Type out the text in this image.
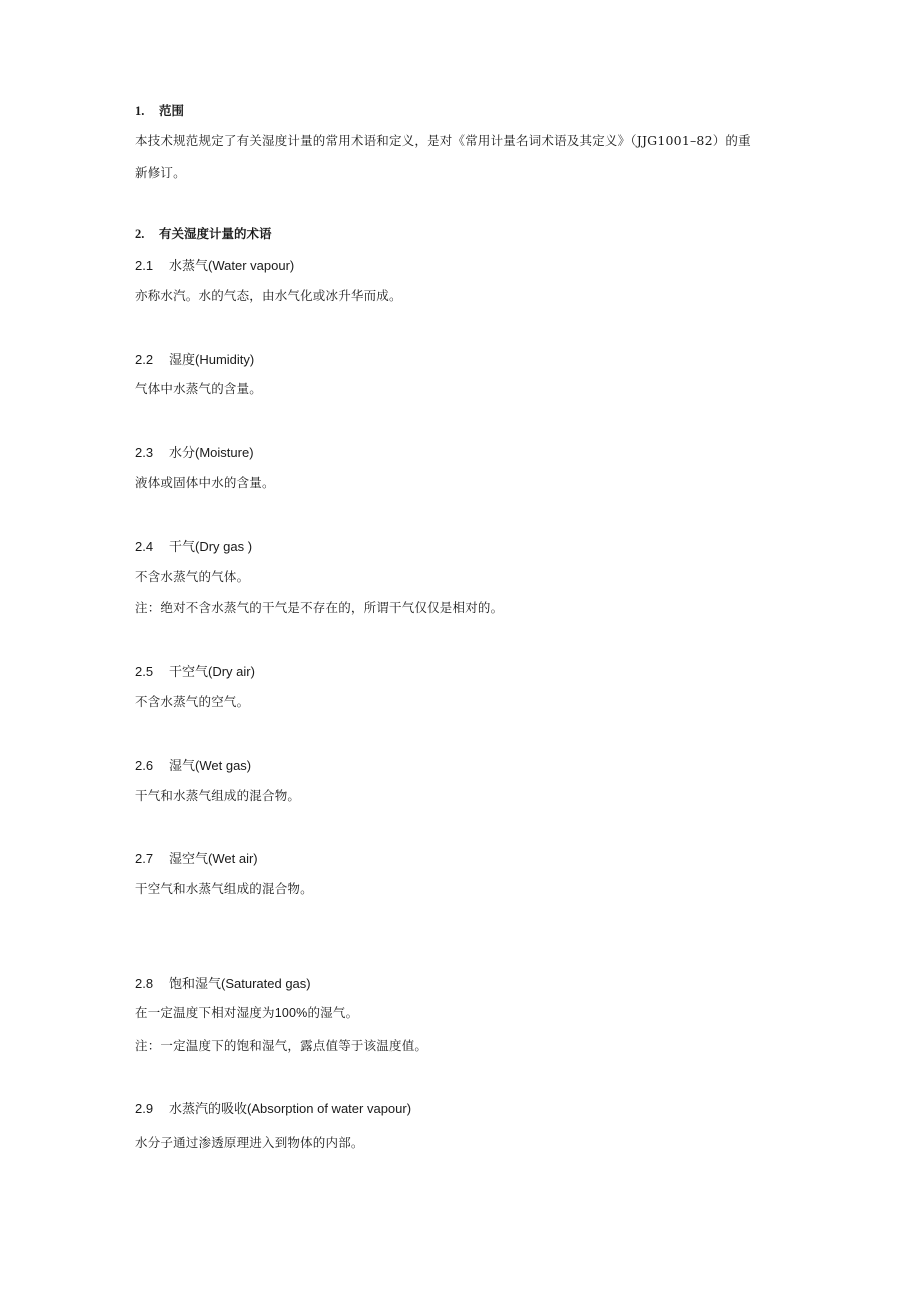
1. 范围
本技术规范规定了有关湿度计量的常用术语和定义，是对《常用计量名词术语及其定义》（JJG1001–82）的重
新修订。
2. 有关湿度计量的术语
2.1 水蒸气(Water vapour)
亦称水汽。水的气态，由水气化或冰升华而成。
2.2 湿度(Humidity)
气体中水蒸气的含量。
2.3 水分(Moisture)
液体或固体中水的含量。
2.4 干气(Dry gas )
不含水蒸气的气体。
注：绝对不含水蒸气的干气是不存在的，所谓干气仅仅是相对的。
2.5 干空气(Dry air)
不含水蒸气的空气。
2.6 湿气(Wet gas)
干气和水蒸气组成的混合物。
2.7 湿空气(Wet air)
干空气和水蒸气组成的混合物。
2.8 饱和湿气(Saturated gas)
在一定温度下相对湿度为100%的湿气。
注：一定温度下的饱和湿气，露点值等于该温度值。
2.9 水蒸汽的吸收(Absorption of water vapour)
水分子通过渗透原理进入到物体的内部。
